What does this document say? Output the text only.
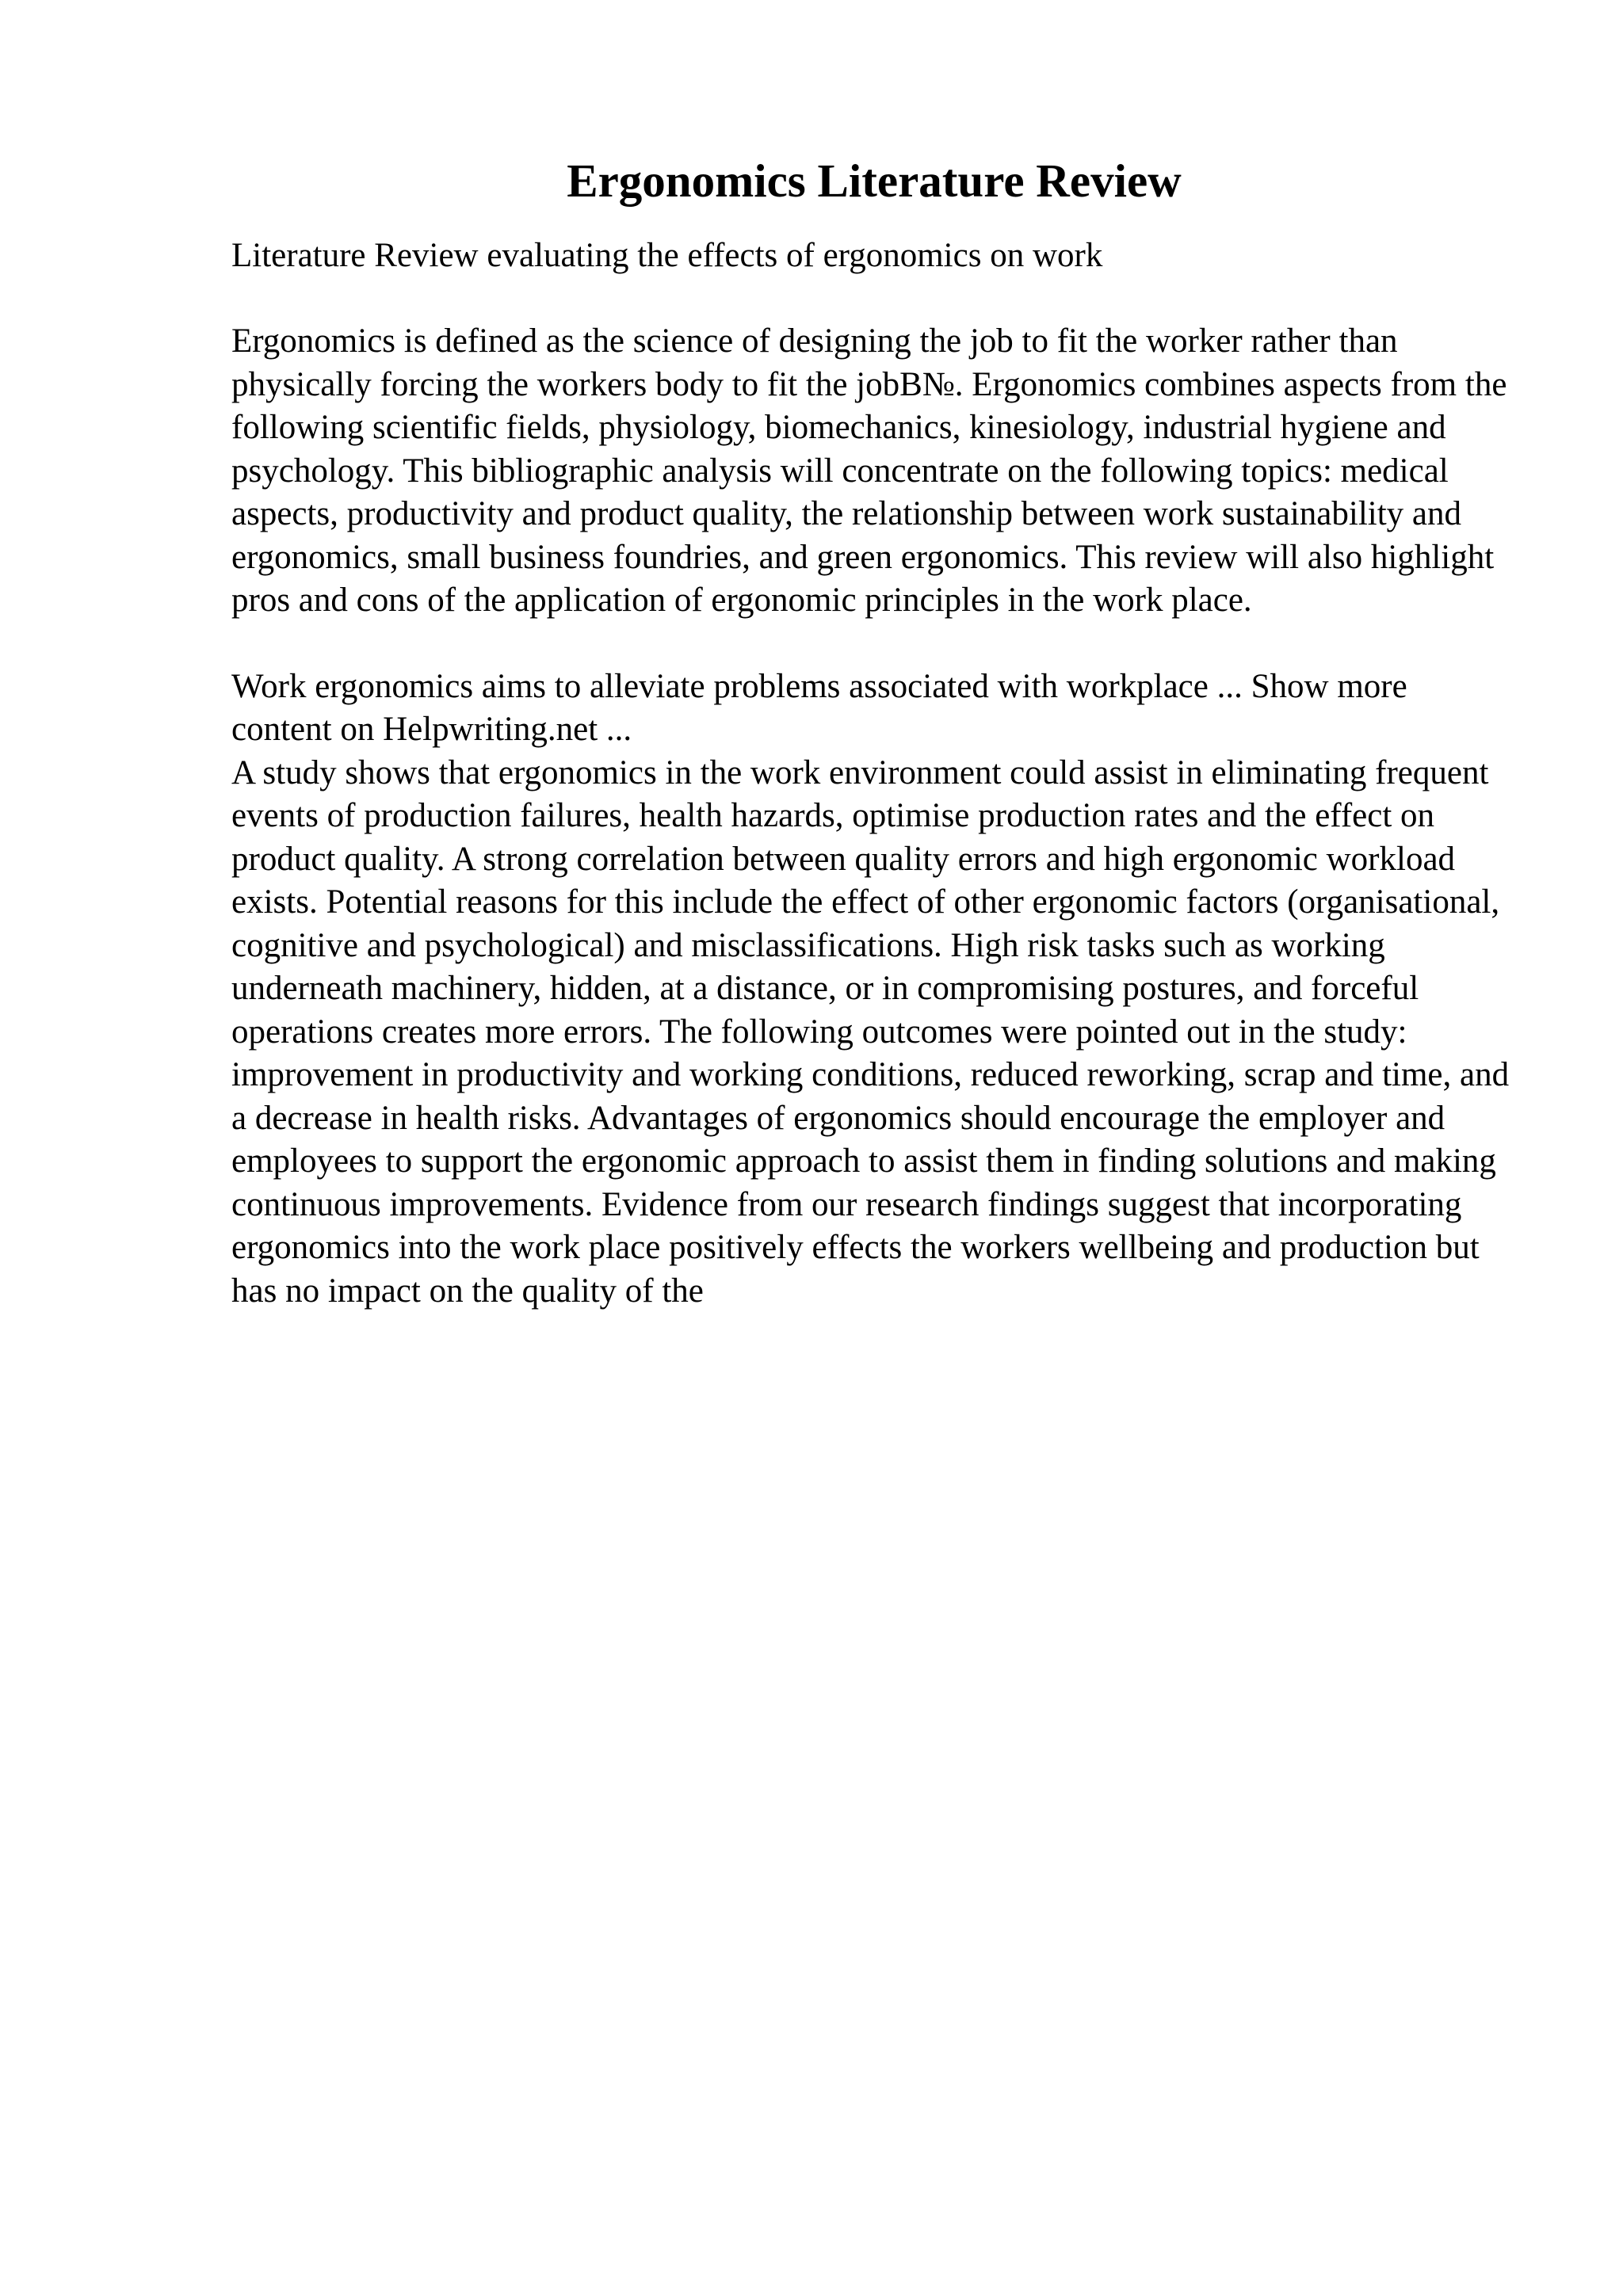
Ergonomics Literature Review

Literature Review evaluating the effects of ergonomics on work

Ergonomics is defined as the science of designing the job to fit the worker rather than physically forcing the workers body to fit the jobВ№. Ergonomics combines aspects from the following scientific fields, physiology, biomechanics, kinesiology, industrial hygiene and psychology. This bibliographic analysis will concentrate on the following topics: medical aspects, productivity and product quality, the relationship between work sustainability and ergonomics, small business foundries, and green ergonomics. This review will also highlight pros and cons of the application of ergonomic principles in the work place.

Work ergonomics aims to alleviate problems associated with workplace ... Show more content on Helpwriting.net ...

A study shows that ergonomics in the work environment could assist in eliminating frequent events of production failures, health hazards, optimise production rates and the effect on product quality. A strong correlation between quality errors and high ergonomic workload exists. Potential reasons for this include the effect of other ergonomic factors (organisational, cognitive and psychological) and misclassifications. High risk tasks such as working underneath machinery, hidden, at a distance, or in compromising postures, and forceful operations creates more errors. The following outcomes were pointed out in the study: improvement in productivity and working conditions, reduced reworking, scrap and time, and a decrease in health risks. Advantages of ergonomics should encourage the employer and employees to support the ergonomic approach to assist them in finding solutions and making continuous improvements. Evidence from our research findings suggest that incorporating ergonomics into the work place positively effects the workers wellbeing and production but has no impact on the quality of the
